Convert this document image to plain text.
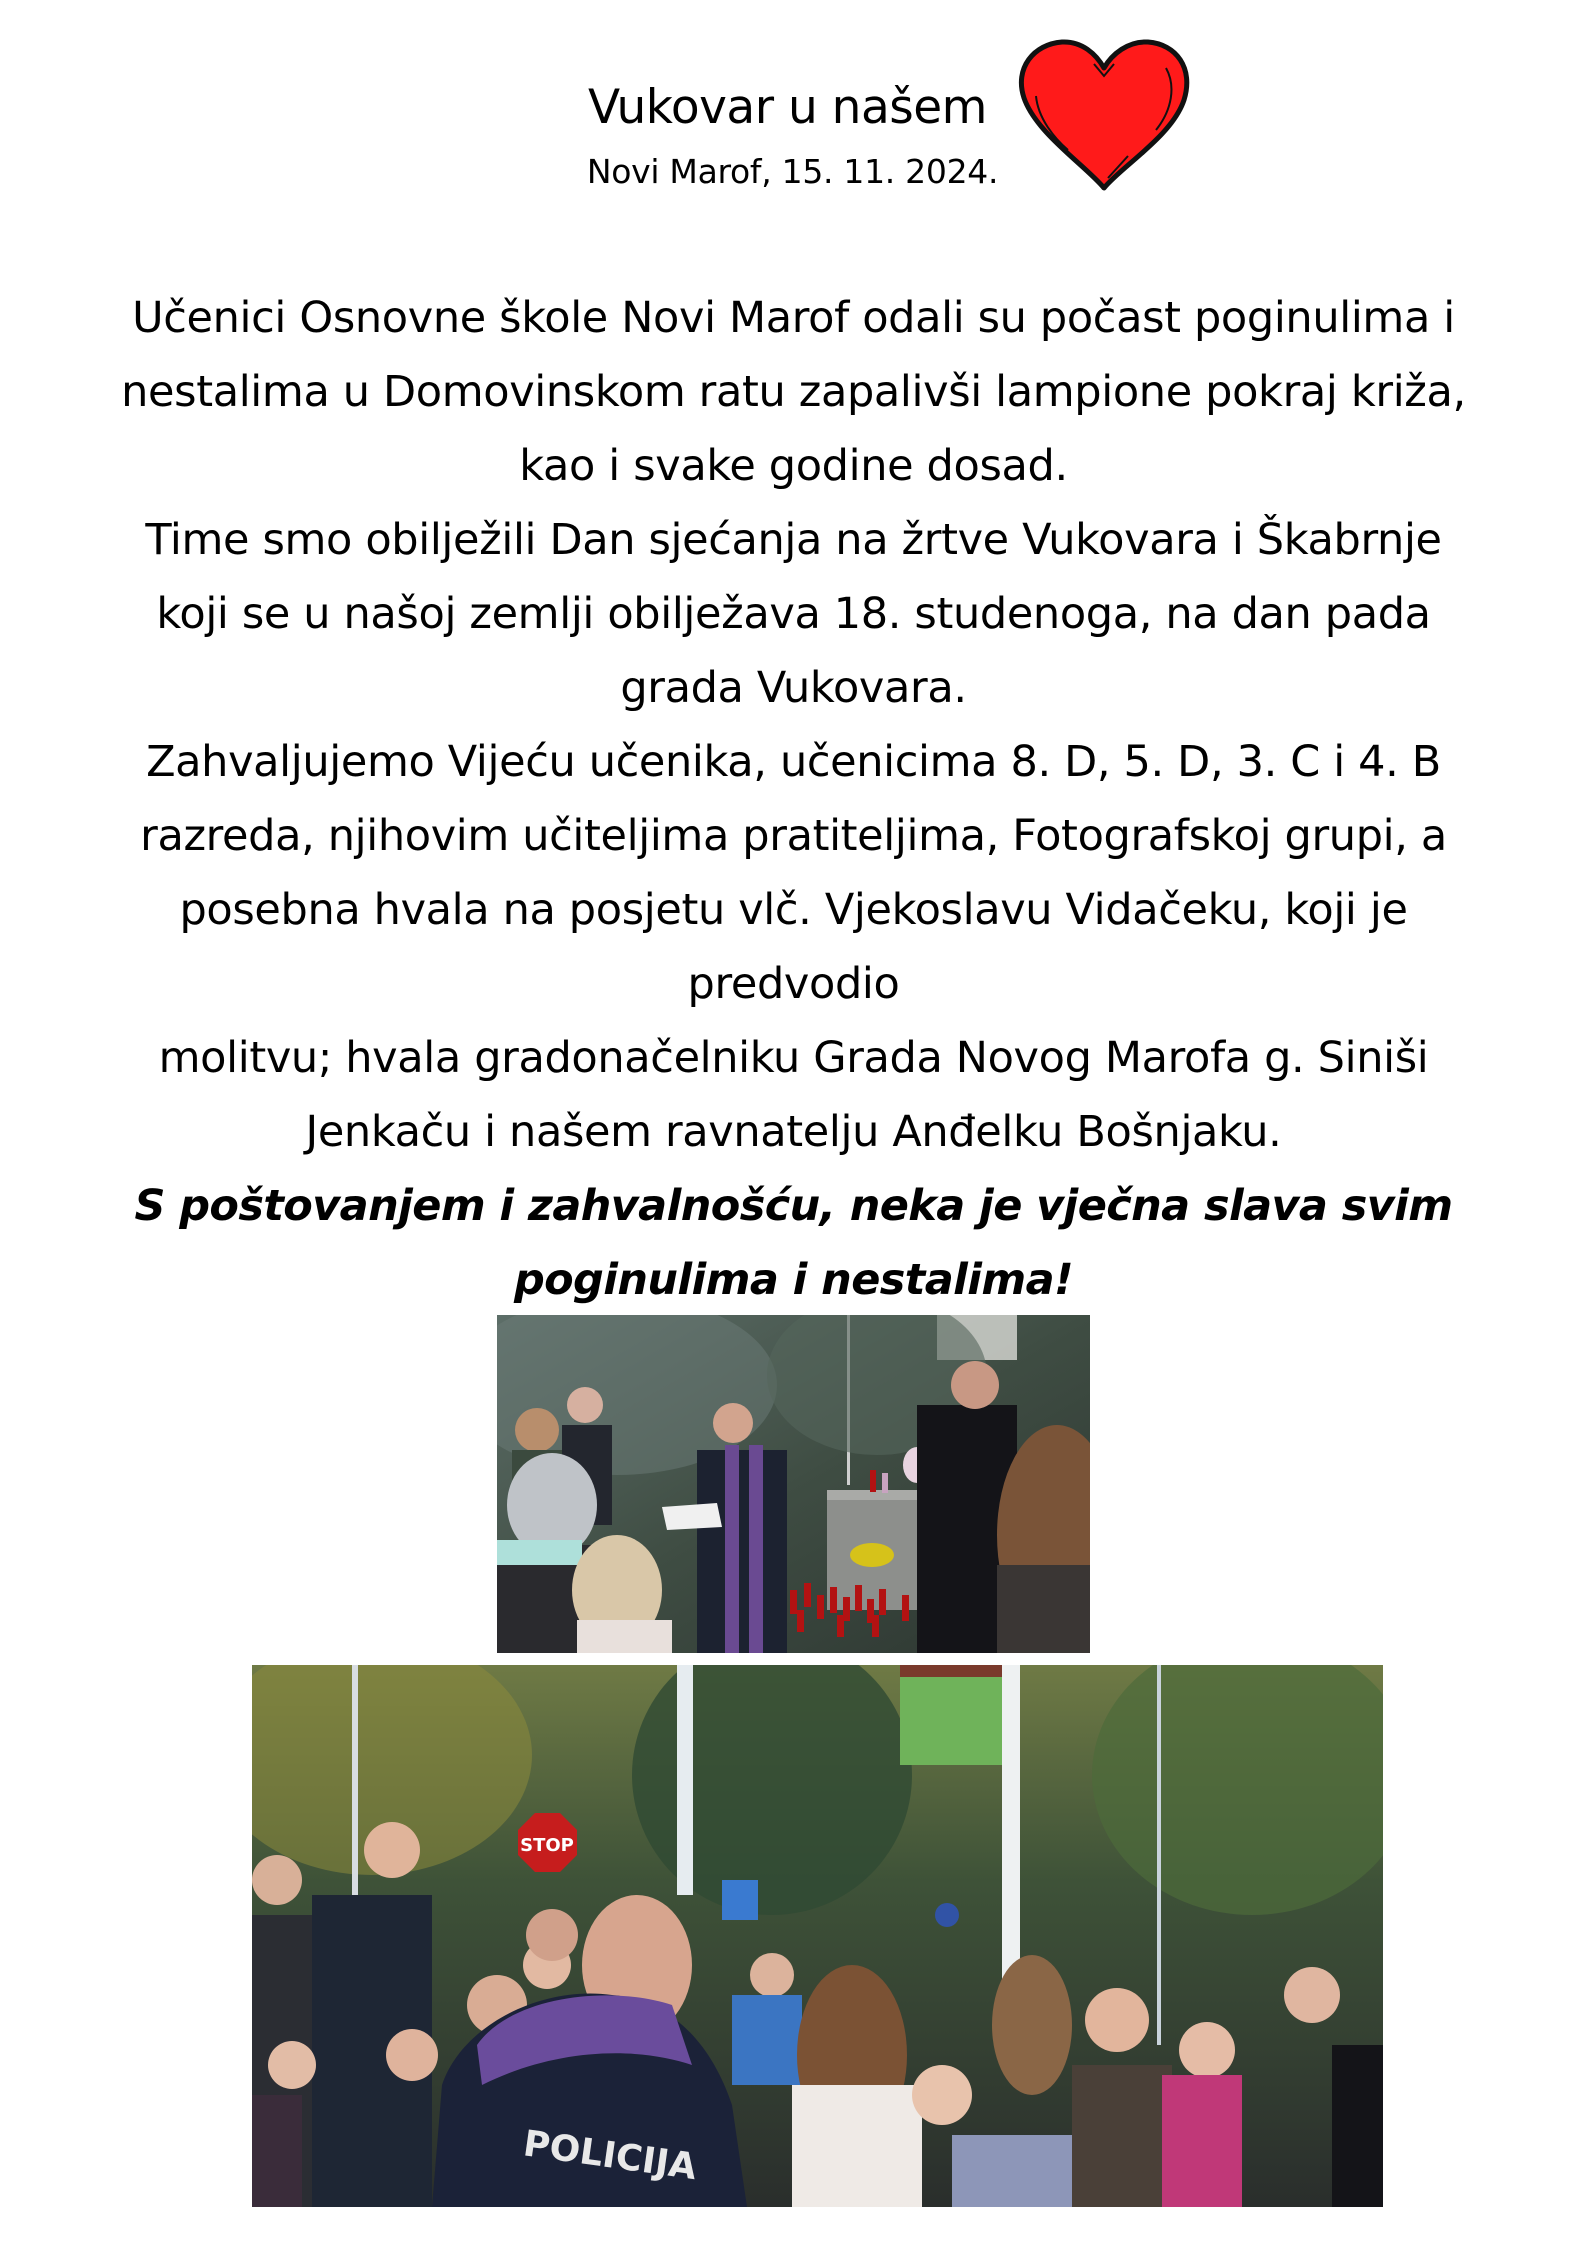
Vukovar u našem
Novi Marof, 15. 11. 2024.
Učenici Osnovne škole Novi Marof odali su počast poginulima i
nestalima u Domovinskom ratu zapalivši lampione pokraj križa,
kao i svake godine dosad.
Time smo obilježili Dan sjećanja na žrtve Vukovara i Škabrnje
koji se u našoj zemlji obilježava 18. studenoga, na dan pada
grada Vukovara.
Zahvaljujemo Vijeću učenika, učenicima 8. D, 5. D, 3. C i 4. B
razreda, njihovim učiteljima pratiteljima, Fotografskoj grupi, a
posebna hvala na posjetu vlč. Vjekoslavu Vidačeku, koji je
predvodio
molitvu; hvala gradonačelniku Grada Novog Marofa g. Siniši
Jenkaču i našem ravnatelju Anđelku Bošnjaku.
S poštovanjem i zahvalnošću, neka je vječna slava svim
poginulima i nestalima!
STOP
POLICIJA
